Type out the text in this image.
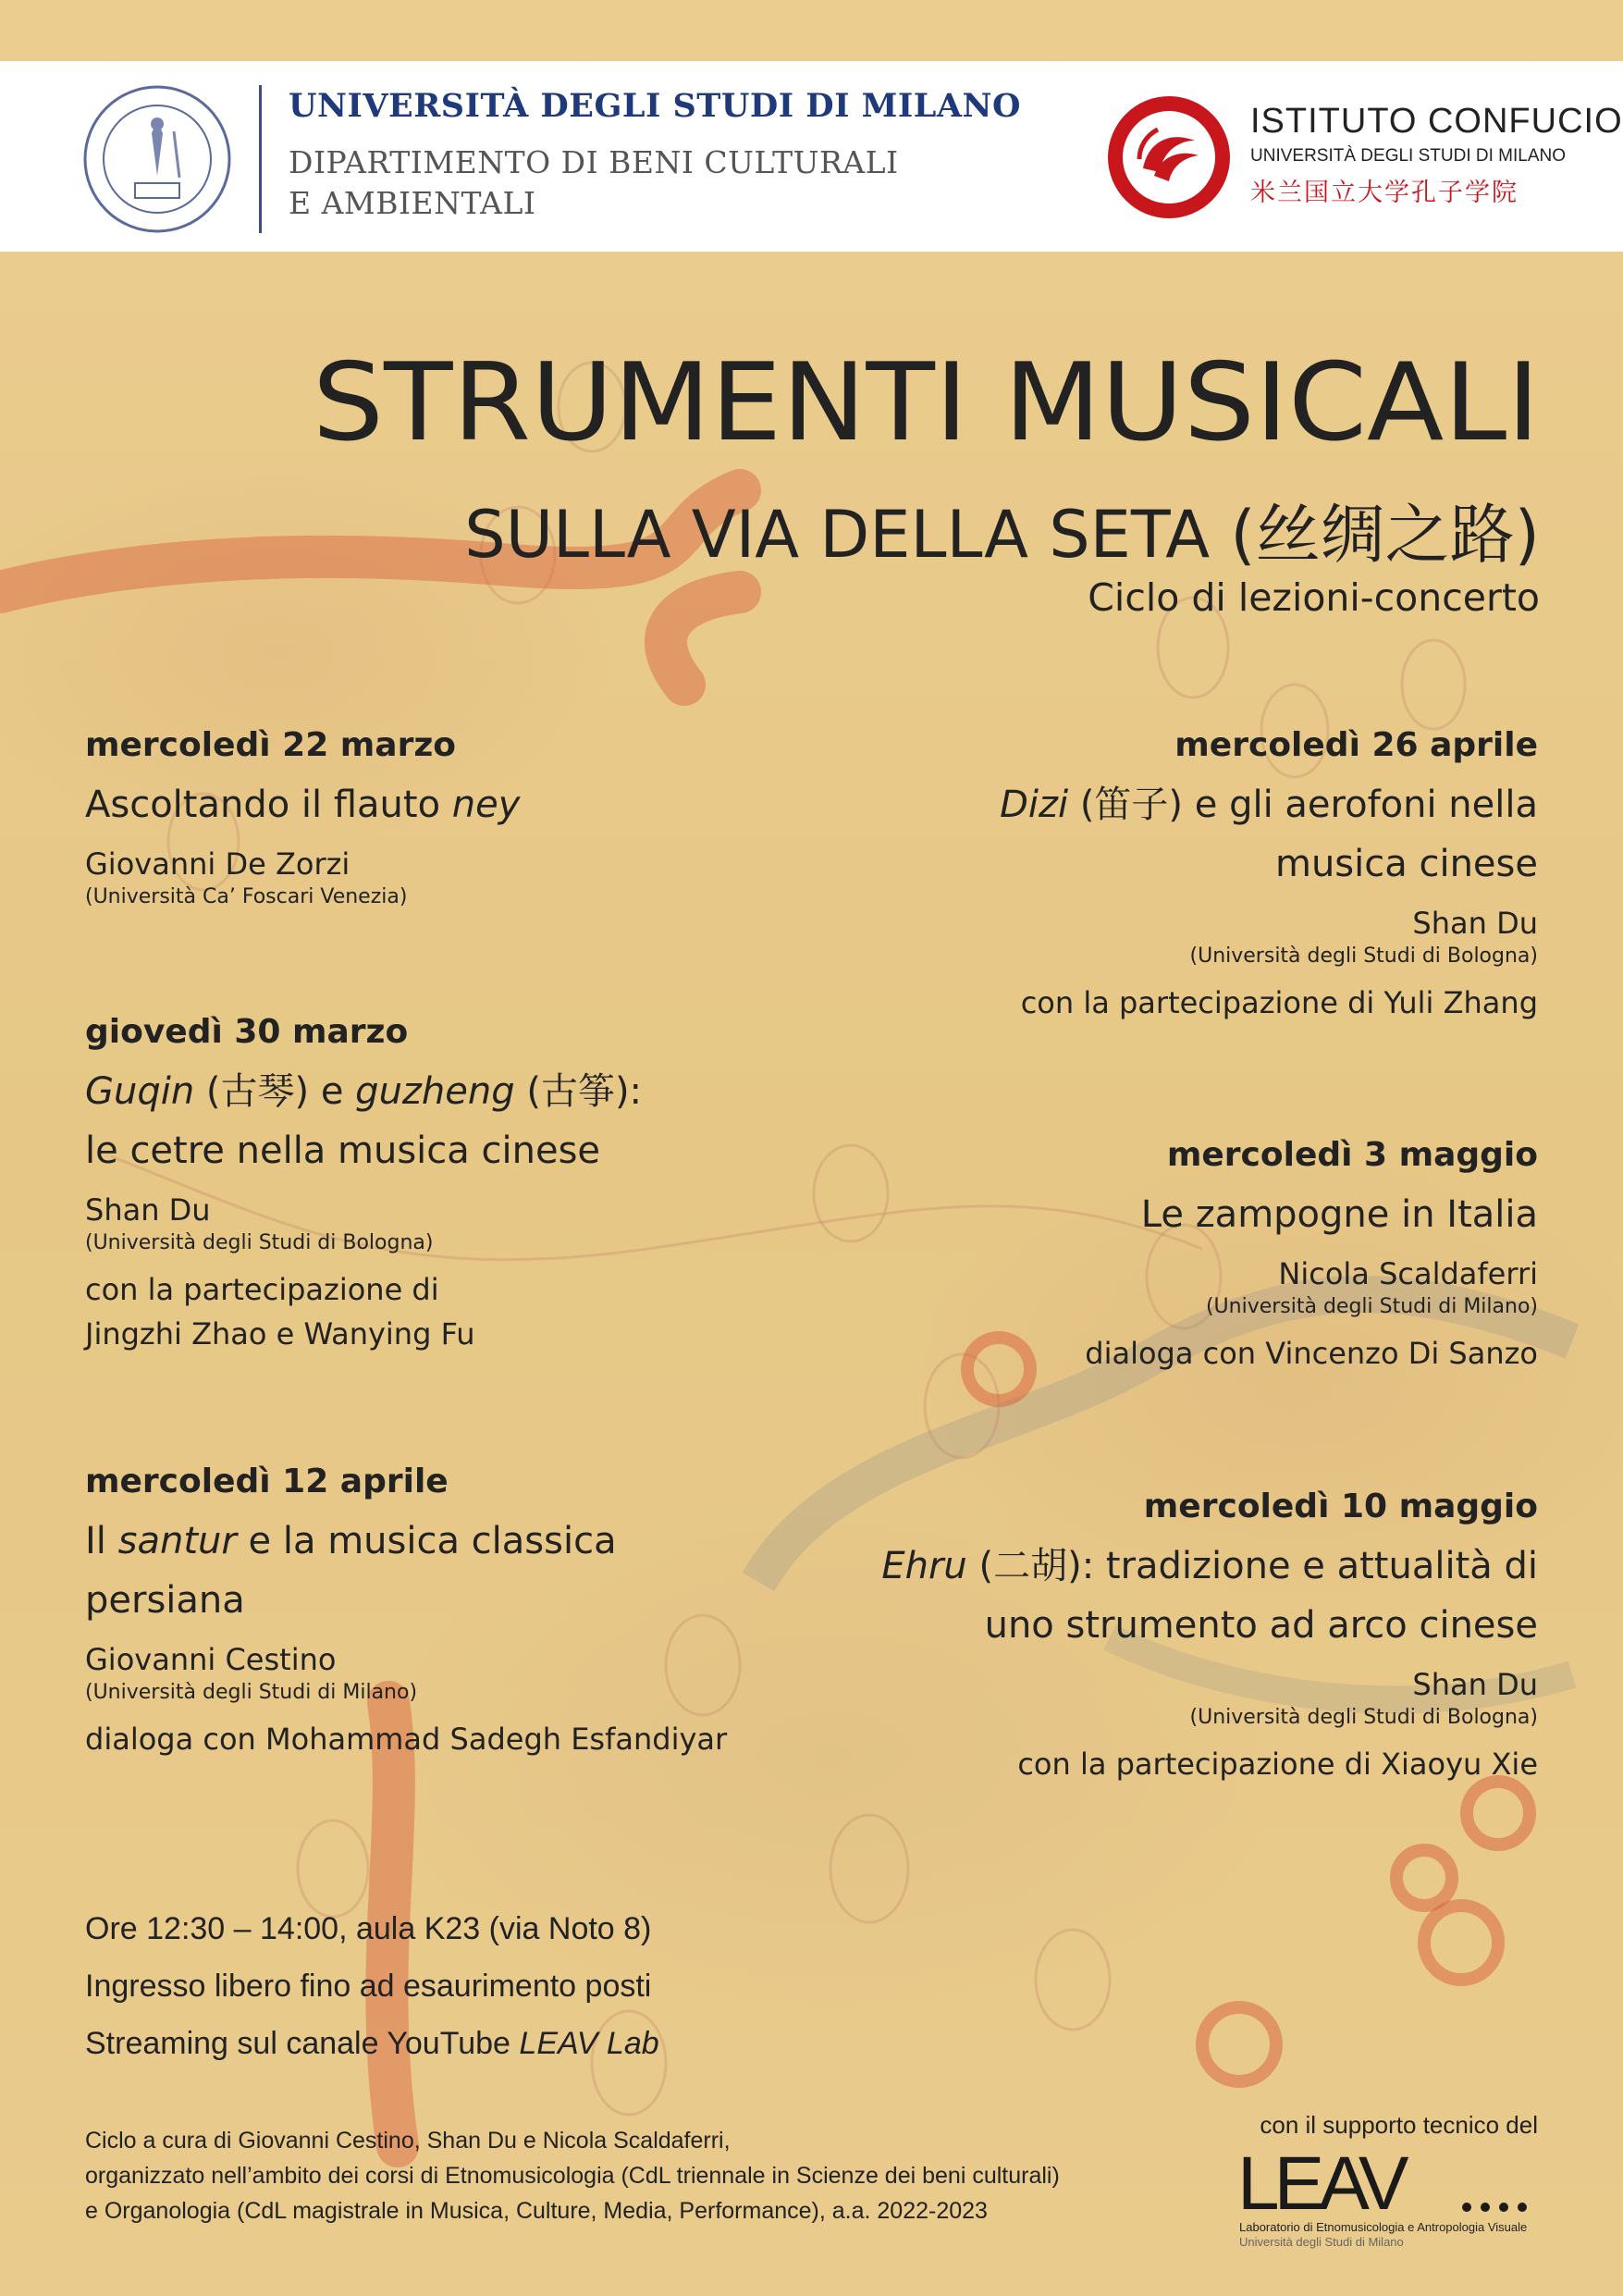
UNIVERSITÀ DEGLI STUDI DI MILANO
DIPARTIMENTO DI BENI CULTURALI
E AMBIENTALI
ISTITUTO CONFUCIO
UNIVERSITÀ DEGLI STUDI DI MILANO
米兰国立大学孔子学院
STRUMENTI MUSICALI
SULLA VIA DELLA SETA (丝绸之路)
Ciclo di lezioni-concerto
mercoledì 22 marzo
Ascoltando il flauto ney
Giovanni De Zorzi
(Università Ca’ Foscari Venezia)
giovedì 30 marzo
Guqin (古琴) e guzheng (古筝):
le cetre nella musica cinese
Shan Du
(Università degli Studi di Bologna)
con la partecipazione di
Jingzhi Zhao e Wanying Fu
mercoledì 12 aprile
Il santur e la musica classica
persiana
Giovanni Cestino
(Università degli Studi di Milano)
dialoga con Mohammad Sadegh Esfandiyar
mercoledì 26 aprile
Dizi (笛子) e gli aerofoni nella
musica cinese
Shan Du
(Università degli Studi di Bologna)
con la partecipazione di Yuli Zhang
mercoledì 3 maggio
Le zampogne in Italia
Nicola Scaldaferri
(Università degli Studi di Milano)
dialoga con Vincenzo Di Sanzo
mercoledì 10 maggio
Ehru (二胡): tradizione e attualità di
uno strumento ad arco cinese
Shan Du
(Università degli Studi di Bologna)
con la partecipazione di Xiaoyu Xie
Ore 12:30 – 14:00, aula K23 (via Noto 8)
Ingresso libero fino ad esaurimento posti
Streaming sul canale YouTube LEAV Lab
Ciclo a cura di Giovanni Cestino, Shan Du e Nicola Scaldaferri,
organizzato nell’ambito dei corsi di Etnomusicologia (CdL triennale in Scienze dei beni culturali)
e Organologia (CdL magistrale in Musica, Culture, Media, Performance), a.a. 2022-2023
con il supporto tecnico del
LEAV
Laboratorio di Etnomusicologia e Antropologia Visuale
Università degli Studi di Milano
